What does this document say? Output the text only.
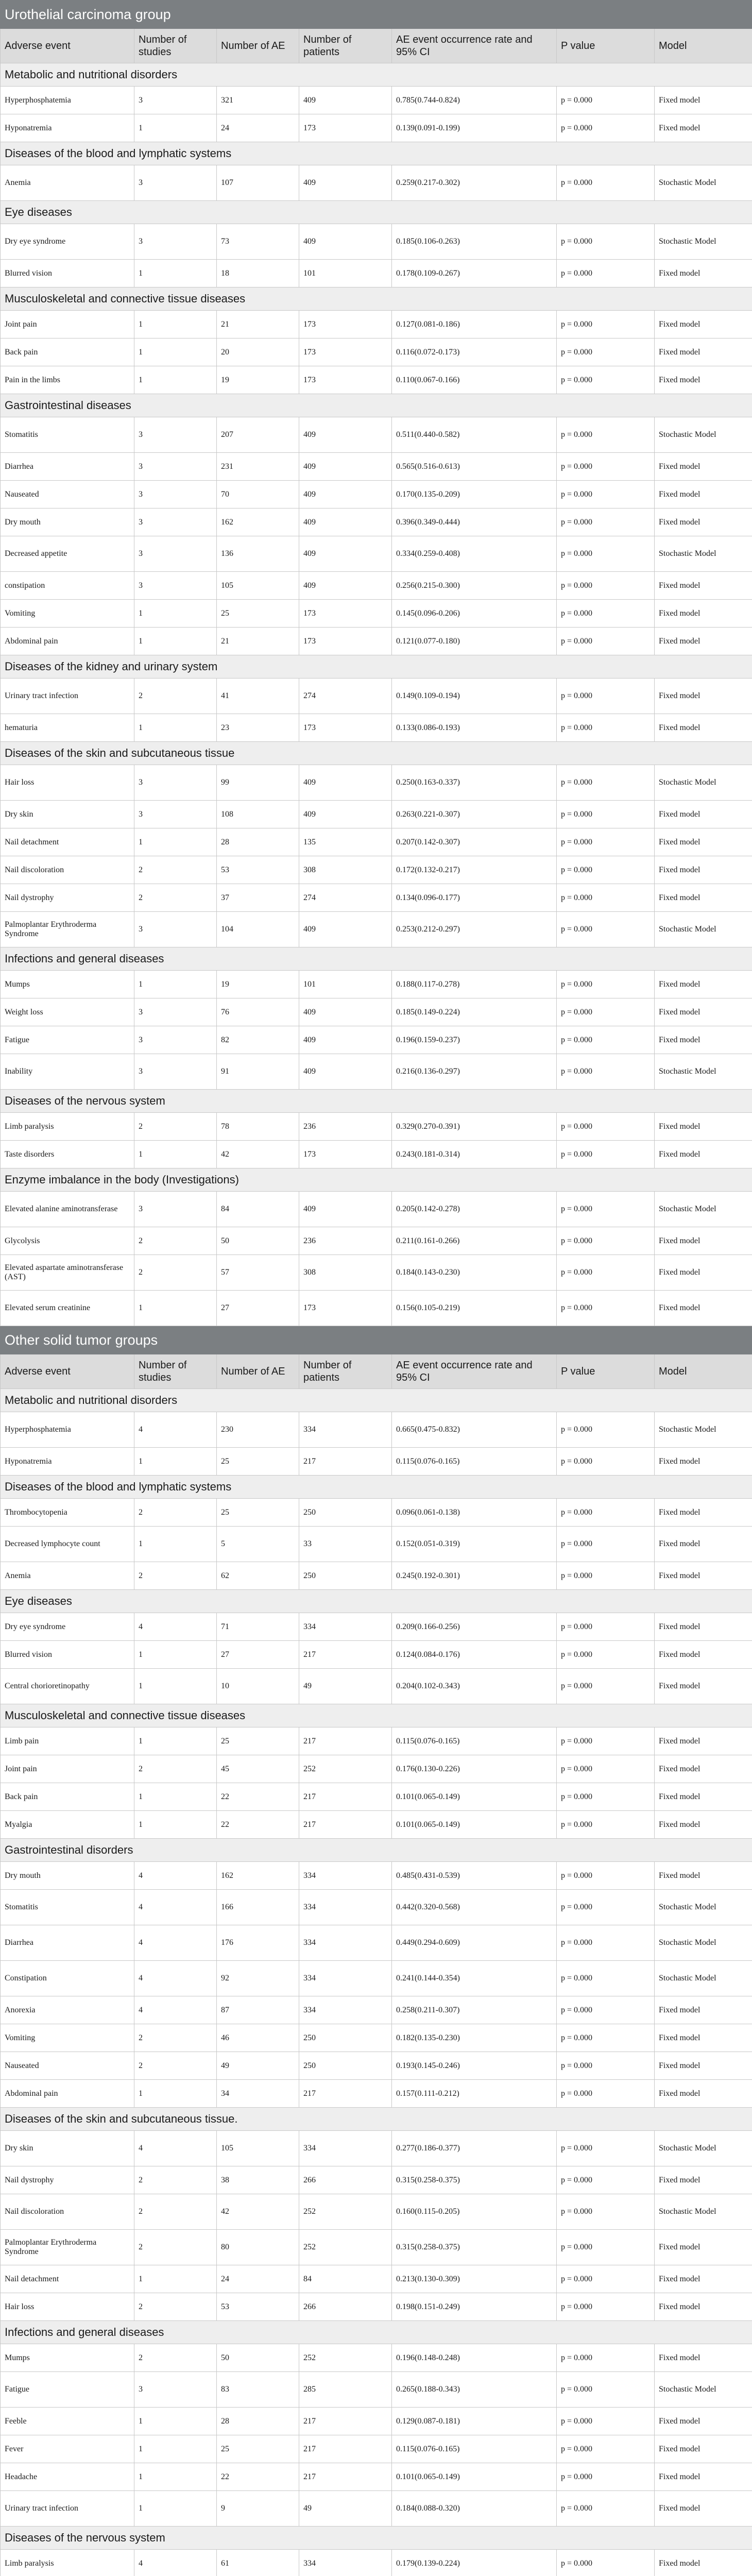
Urothelial carcinoma group						
Adverse event	Number of studies	Number of AE	Number of patients	AE event occurrence rate and 95% CI	P value	Model
Metabolic and nutritional disorders						
Hyperphosphatemia	3	321	409	0.785(0.744-0.824)	p = 0.000	Fixed model
Hyponatremia	1	24	173	0.139(0.091-0.199)	p = 0.000	Fixed model
Diseases of the blood and lymphatic systems						
Anemia	3	107	409	0.259(0.217-0.302)	p = 0.000	Stochastic Model
Eye diseases						
Dry eye syndrome	3	73	409	0.185(0.106-0.263)	p = 0.000	Stochastic Model
Blurred vision	1	18	101	0.178(0.109-0.267)	p = 0.000	Fixed model
Musculoskeletal and connective tissue diseases						
Joint pain	1	21	173	0.127(0.081-0.186)	p = 0.000	Fixed model
Back pain	1	20	173	0.116(0.072-0.173)	p = 0.000	Fixed model
Pain in the limbs	1	19	173	0.110(0.067-0.166)	p = 0.000	Fixed model
Gastrointestinal diseases						
Stomatitis	3	207	409	0.511(0.440-0.582)	p = 0.000	Stochastic Model
Diarrhea	3	231	409	0.565(0.516-0.613)	p = 0.000	Fixed model
Nauseated	3	70	409	0.170(0.135-0.209)	p = 0.000	Fixed model
Dry mouth	3	162	409	0.396(0.349-0.444)	p = 0.000	Fixed model
Decreased appetite	3	136	409	0.334(0.259-0.408)	p = 0.000	Stochastic Model
constipation	3	105	409	0.256(0.215-0.300)	p = 0.000	Fixed model
Vomiting	1	25	173	0.145(0.096-0.206)	p = 0.000	Fixed model
Abdominal pain	1	21	173	0.121(0.077-0.180)	p = 0.000	Fixed model
Diseases of the kidney and urinary system						
Urinary tract infection	2	41	274	0.149(0.109-0.194)	p = 0.000	Fixed model
hematuria	1	23	173	0.133(0.086-0.193)	p = 0.000	Fixed model
Diseases of the skin and subcutaneous tissue						
Hair loss	3	99	409	0.250(0.163-0.337)	p = 0.000	Stochastic Model
Dry skin	3	108	409	0.263(0.221-0.307)	p = 0.000	Fixed model
Nail detachment	1	28	135	0.207(0.142-0.307)	p = 0.000	Fixed model
Nail discoloration	2	53	308	0.172(0.132-0.217)	p = 0.000	Fixed model
Nail dystrophy	2	37	274	0.134(0.096-0.177)	p = 0.000	Fixed model
Palmoplantar Erythroderma Syndrome	3	104	409	0.253(0.212-0.297)	p = 0.000	Stochastic Model
Infections and general diseases						
Mumps	1	19	101	0.188(0.117-0.278)	p = 0.000	Fixed model
Weight loss	3	76	409	0.185(0.149-0.224)	p = 0.000	Fixed model
Fatigue	3	82	409	0.196(0.159-0.237)	p = 0.000	Fixed model
Inability	3	91	409	0.216(0.136-0.297)	p = 0.000	Stochastic Model
Diseases of the nervous system						
Limb paralysis	2	78	236	0.329(0.270-0.391)	p = 0.000	Fixed model
Taste disorders	1	42	173	0.243(0.181-0.314)	p = 0.000	Fixed model
Enzyme imbalance in the body (Investigations)						
Elevated alanine aminotransferase	3	84	409	0.205(0.142-0.278)	p = 0.000	Stochastic Model
Glycolysis	2	50	236	0.211(0.161-0.266)	p = 0.000	Fixed model
Elevated aspartate aminotransferase (AST)	2	57	308	0.184(0.143-0.230)	p = 0.000	Fixed model
Elevated serum creatinine	1	27	173	0.156(0.105-0.219)	p = 0.000	Fixed model
Other solid tumor groups						
Adverse event	Number of studies	Number of AE	Number of patients	AE event occurrence rate and 95% CI	P value	Model
Metabolic and nutritional disorders						
Hyperphosphatemia	4	230	334	0.665(0.475-0.832)	p = 0.000	Stochastic Model
Hyponatremia	1	25	217	0.115(0.076-0.165)	p = 0.000	Fixed model
Diseases of the blood and lymphatic systems						
Thrombocytopenia	2	25	250	0.096(0.061-0.138)	p = 0.000	Fixed model
Decreased lymphocyte count	1	5	33	0.152(0.051-0.319)	p = 0.000	Fixed model
Anemia	2	62	250	0.245(0.192-0.301)	p = 0.000	Fixed model
Eye diseases						
Dry eye syndrome	4	71	334	0.209(0.166-0.256)	p = 0.000	Fixed model
Blurred vision	1	27	217	0.124(0.084-0.176)	p = 0.000	Fixed model
Central chorioretinopathy	1	10	49	0.204(0.102-0.343)	p = 0.000	Fixed model
Musculoskeletal and connective tissue diseases						
Limb pain	1	25	217	0.115(0.076-0.165)	p = 0.000	Fixed model
Joint pain	2	45	252	0.176(0.130-0.226)	p = 0.000	Fixed model
Back pain	1	22	217	0.101(0.065-0.149)	p = 0.000	Fixed model
Myalgia	1	22	217	0.101(0.065-0.149)	p = 0.000	Fixed model
Gastrointestinal disorders						
Dry mouth	4	162	334	0.485(0.431-0.539)	p = 0.000	Fixed model
Stomatitis	4	166	334	0.442(0.320-0.568)	p = 0.000	Stochastic Model
Diarrhea	4	176	334	0.449(0.294-0.609)	p = 0.000	Stochastic Model
Constipation	4	92	334	0.241(0.144-0.354)	p = 0.000	Stochastic Model
Anorexia	4	87	334	0.258(0.211-0.307)	p = 0.000	Fixed model
Vomiting	2	46	250	0.182(0.135-0.230)	p = 0.000	Fixed model
Nauseated	2	49	250	0.193(0.145-0.246)	p = 0.000	Fixed model
Abdominal pain	1	34	217	0.157(0.111-0.212)	p = 0.000	Fixed model
Diseases of the skin and subcutaneous tissue.						
Dry skin	4	105	334	0.277(0.186-0.377)	p = 0.000	Stochastic Model
Nail dystrophy	2	38	266	0.315(0.258-0.375)	p = 0.000	Fixed model
Nail discoloration	2	42	252	0.160(0.115-0.205)	p = 0.000	Stochastic Model
Palmoplantar Erythroderma Syndrome	2	80	252	0.315(0.258-0.375)	p = 0.000	Fixed model
Nail detachment	1	24	84	0.213(0.130-0.309)	p = 0.000	Fixed model
Hair loss	2	53	266	0.198(0.151-0.249)	p = 0.000	Fixed model
Infections and general diseases						
Mumps	2	50	252	0.196(0.148-0.248)	p = 0.000	Fixed model
Fatigue	3	83	285	0.265(0.188-0.343)	p = 0.000	Stochastic Model
Feeble	1	28	217	0.129(0.087-0.181)	p = 0.000	Fixed model
Fever	1	25	217	0.115(0.076-0.165)	p = 0.000	Fixed model
Headache	1	22	217	0.101(0.065-0.149)	p = 0.000	Fixed model
Urinary tract infection	1	9	49	0.184(0.088-0.320)	p = 0.000	Fixed model
Diseases of the nervous system						
Limb paralysis	4	61	334	0.179(0.139-0.224)	p = 0.000	Fixed model
